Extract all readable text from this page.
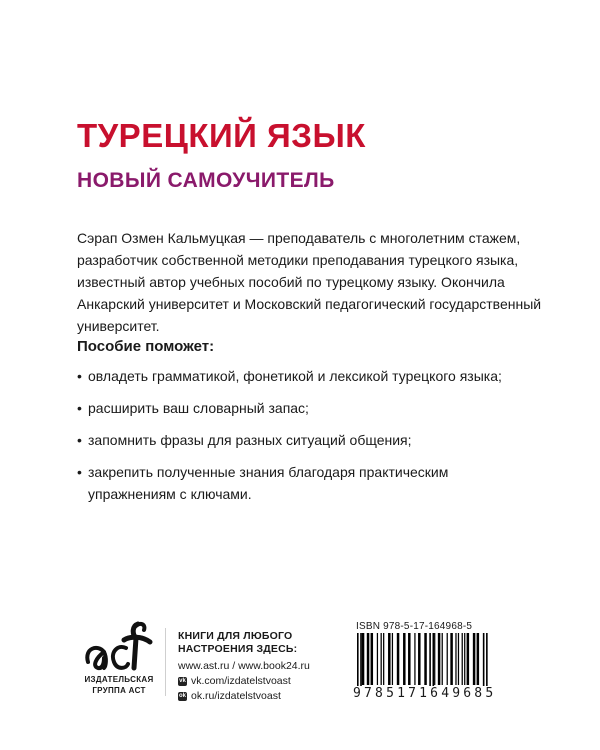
ТУРЕЦКИЙ ЯЗЫК
НОВЫЙ САМОУЧИТЕЛЬ

Сэрап Озмен Кальмуцкая — преподаватель с многолетним стажем, разработчик собственной методики преподавания турецкого языка, известный автор учебных пособий по турецкому языку. Окончила Анкарский университет и Московский педагогический государственный университет.

Пособие поможет:

• овладеть грамматикой, фонетикой и лексикой турецкого языка;
• расширить ваш словарный запас;
• запомнить фразы для разных ситуаций общения;
• закрепить полученные знания благодаря практическим упражнениям с ключами.
ИЗДАТЕЛЬСКАЯ
ГРУППА АСТ
КНИГИ ДЛЯ ЛЮБОГО
НАСТРОЕНИЯ ЗДЕСЬ:
www.ast.ru / www.book24.ru
vk vk.com/izdatelstvoast
ok ok.ru/izdatelstvoast
ISBN 978-5-17-164968-5
9785171649685
